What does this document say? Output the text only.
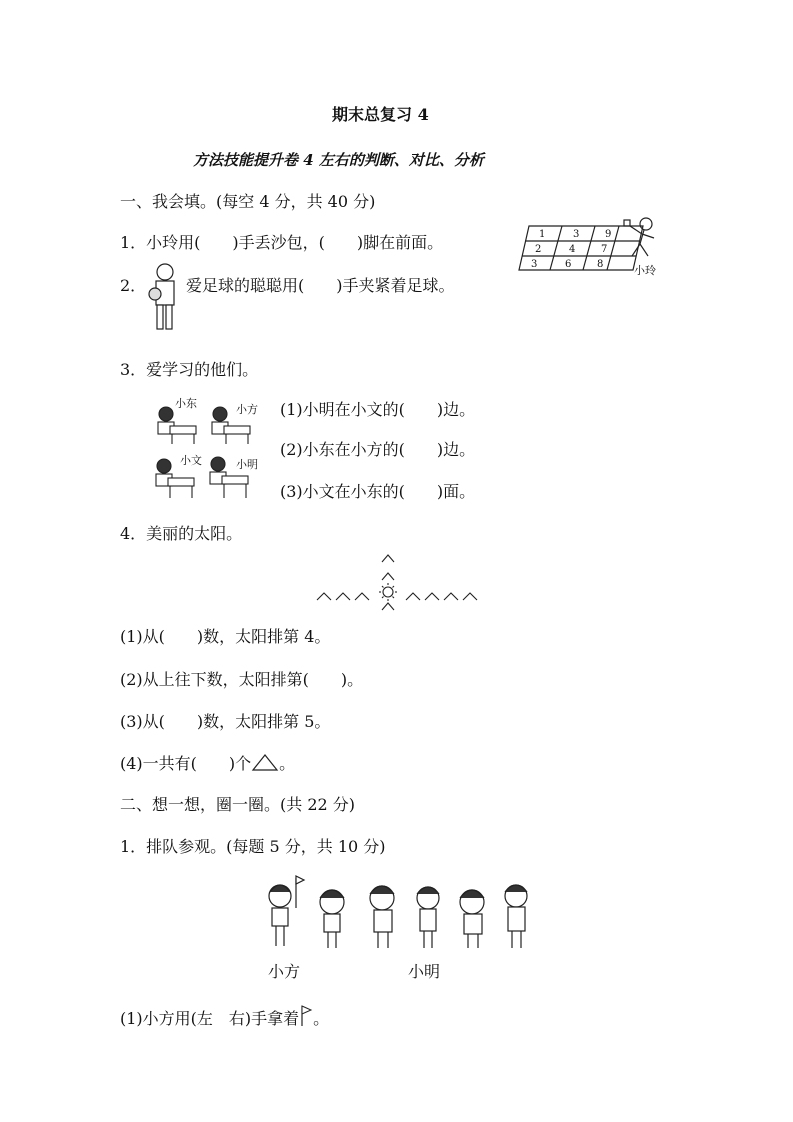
期末总复习 4
方法技能提升卷 4 左右的判断、对比、分析
一、我会填。(每空 4 分，共 40 分)
1．小玲用(　　)手丢沙包，(　　)脚在前面。	1	3	9
2	4	7
3	6	8	小玲
2． 爱足球的聪聪用(　　)手夹紧着足球。
3．爱学习的他们。
小东	小方
小文	小明
(1)小明在小文的(　　)边。
(2)小东在小方的(　　)边。
(3)小文在小东的(　　)面。
4．美丽的太阳。
(1)从(　　)数，太阳排第 4。
(2)从上往下数，太阳排第(　　)。
(3)从(　　)数，太阳排第 5。
(4)一共有(　　)个 。
二、想一想，圈一圈。(共 22 分)
1．排队参观。(每题 5 分，共 10 分)
小方	小明
(1)小方用(左　右)手拿着 。
